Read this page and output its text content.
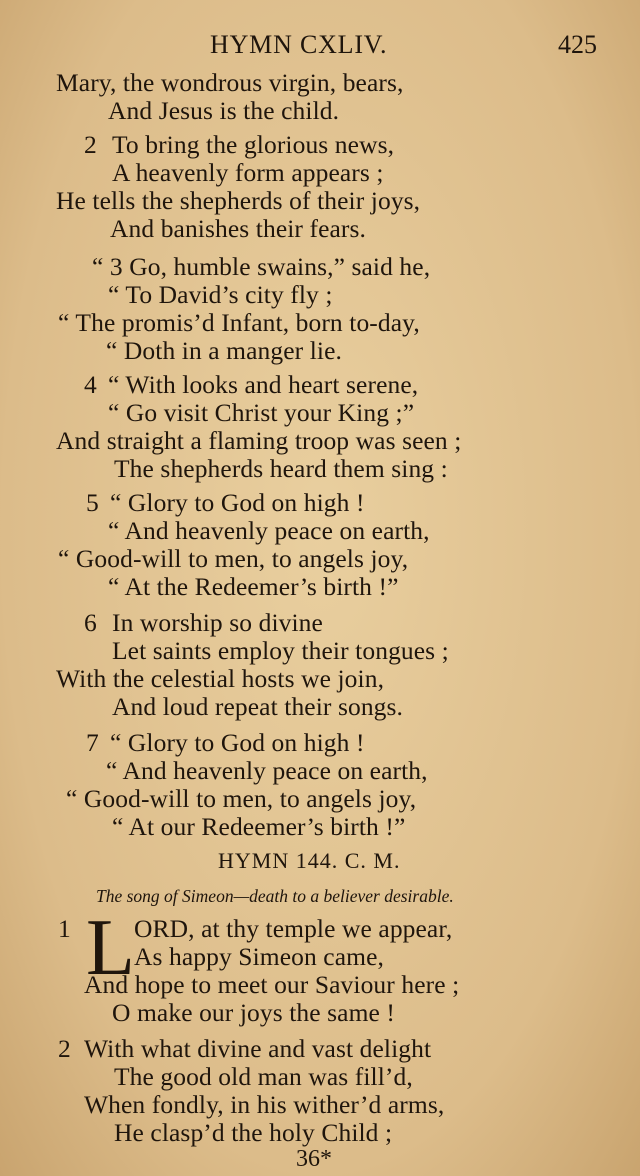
HYMN CXLIV.	425
Mary, the wondrous virgin, bears,
And Jesus is the child.
2 To bring the glorious news,
A heavenly form appears ;
He tells the shepherds of their joys,
And banishes their fears.
“ 3 Go, humble swains,” said he,
“ To David’s city fly ;
“ The promis’d Infant, born to-day,
“ Doth in a manger lie.
4 “ With looks and heart serene,
“ Go visit Christ your King ;”
And straight a flaming troop was seen ;
The shepherds heard them sing :
5 “ Glory to God on high !
“ And heavenly peace on earth,
“ Good-will to men, to angels joy,
“ At the Redeemer’s birth !”
6 In worship so divine
Let saints employ their tongues ;
With the celestial hosts we join,
And loud repeat their songs.
7 “ Glory to God on high !
“ And heavenly peace on earth,
“ Good-will to men, to angels joy,
“ At our Redeemer’s birth !”
HYMN 144. C. M.
The song of Simeon—death to a believer desirable.
1 L ORD, at thy temple we appear,
As happy Simeon came,
And hope to meet our Saviour here ;
O make our joys the same !
2 With what divine and vast delight
The good old man was fill’d,
When fondly, in his wither’d arms,
He clasp’d the holy Child ;
36*
